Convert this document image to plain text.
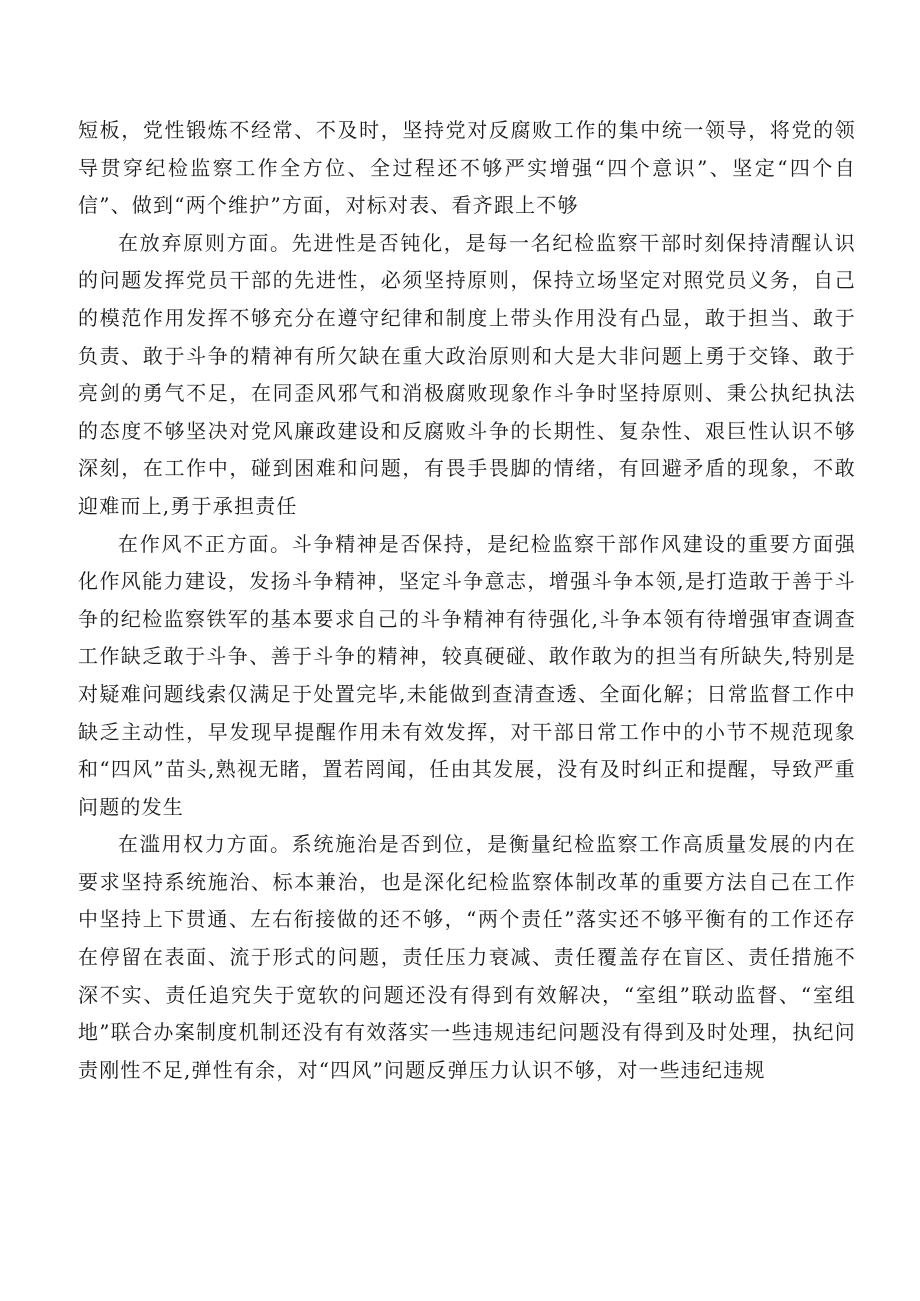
短板，党性锻炼不经常、不及时，坚持党对反腐败工作的集中统一领导，将党的领导贯穿纪检监察工作全方位、全过程还不够严实增强“四个意识”、坚定“四个自信”、做到“两个维护”方面，对标对表、看齐跟上不够

在放弃原则方面。先进性是否钝化，是每一名纪检监察干部时刻保持清醒认识的问题发挥党员干部的先进性，必须坚持原则，保持立场坚定对照党员义务，自己的模范作用发挥不够充分在遵守纪律和制度上带头作用没有凸显，敢于担当、敢于负责、敢于斗争的精神有所欠缺在重大政治原则和大是大非问题上勇于交锋、敢于亮剑的勇气不足，在同歪风邪气和消极腐败现象作斗争时坚持原则、秉公执纪执法的态度不够坚决对党风廉政建设和反腐败斗争的长期性、复杂性、艰巨性认识不够深刻，在工作中，碰到困难和问题，有畏手畏脚的情绪，有回避矛盾的现象，不敢迎难而上,勇于承担责任

在作风不正方面。斗争精神是否保持，是纪检监察干部作风建设的重要方面强化作风能力建设，发扬斗争精神，坚定斗争意志，增强斗争本领,是打造敢于善于斗争的纪检监察铁军的基本要求自己的斗争精神有待强化,斗争本领有待增强审查调查工作缺乏敢于斗争、善于斗争的精神，较真硬碰、敢作敢为的担当有所缺失,特别是对疑难问题线索仅满足于处置完毕,未能做到查清查透、全面化解；日常监督工作中缺乏主动性，早发现早提醒作用未有效发挥，对干部日常工作中的小节不规范现象和“四风”苗头,熟视无睹，置若罔闻，任由其发展，没有及时纠正和提醒，导致严重问题的发生

在滥用权力方面。系统施治是否到位，是衡量纪检监察工作高质量发展的内在要求坚持系统施治、标本兼治，也是深化纪检监察体制改革的重要方法自己在工作中坚持上下贯通、左右衔接做的还不够，“两个责任”落实还不够平衡有的工作还存在停留在表面、流于形式的问题，责任压力衰减、责任覆盖存在盲区、责任措施不深不实、责任追究失于宽软的问题还没有得到有效解决，“室组”联动监督、“室组地”联合办案制度机制还没有有效落实一些违规违纪问题没有得到及时处理，执纪问责刚性不足,弹性有余，对“四风”问题反弹压力认识不够，对一些违纪违规
